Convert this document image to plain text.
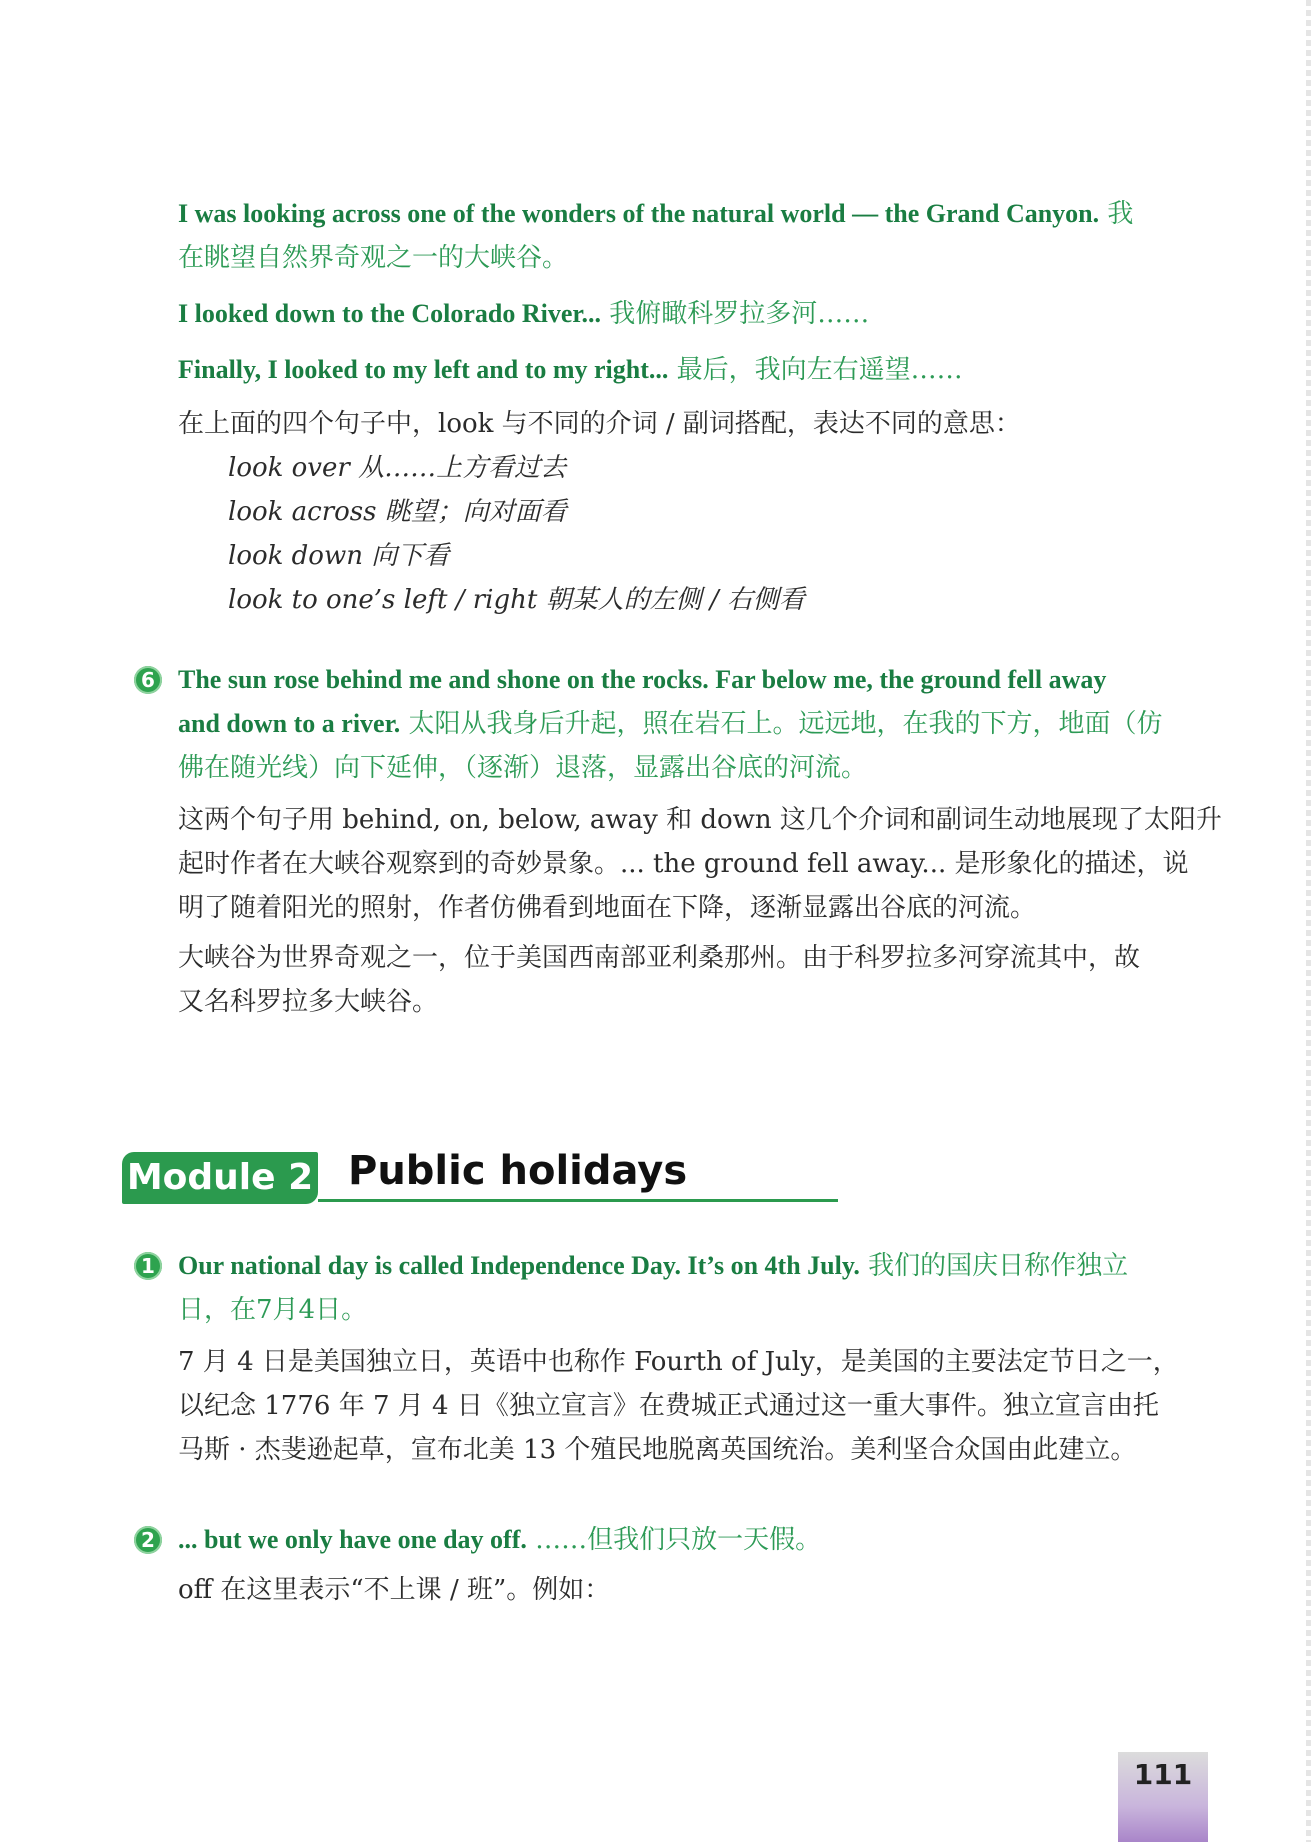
I was looking across one of the wonders of the natural world — the Grand Canyon. 我
在眺望自然界奇观之一的大峡谷。
I looked down to the Colorado River... 我俯瞰科罗拉多河……
Finally, I looked to my left and to my right... 最后，我向左右遥望……
在上面的四个句子中，look 与不同的介词 / 副词搭配，表达不同的意思：
look over 从……上方看过去
look across 眺望；向对面看
look down 向下看
look to one’s left / right 朝某人的左侧 / 右侧看
6 The sun rose behind me and shone on the rocks. Far below me, the ground fell away
and down to a river. 太阳从我身后升起，照在岩石上。远远地，在我的下方，地面（仿
佛在随光线）向下延伸，（逐渐）退落，显露出谷底的河流。
这两个句子用 behind, on, below, away 和 down 这几个介词和副词生动地展现了太阳升
起时作者在大峡谷观察到的奇妙景象。... the ground fell away... 是形象化的描述，说
明了随着阳光的照射，作者仿佛看到地面在下降，逐渐显露出谷底的河流。
大峡谷为世界奇观之一，位于美国西南部亚利桑那州。由于科罗拉多河穿流其中，故
又名科罗拉多大峡谷。
Module 2 Public holidays
1 Our national day is called Independence Day. It’s on 4th July. 我们的国庆日称作独立
日，在7月4日。
7 月 4 日是美国独立日，英语中也称作 Fourth of July，是美国的主要法定节日之一，
以纪念 1776 年 7 月 4 日《独立宣言》在费城正式通过这一重大事件。独立宣言由托
马斯 · 杰斐逊起草，宣布北美 13 个殖民地脱离英国统治。美利坚合众国由此建立。
2 ... but we only have one day off. ……但我们只放一天假。
off 在这里表示“不上课 / 班”。例如：
111
